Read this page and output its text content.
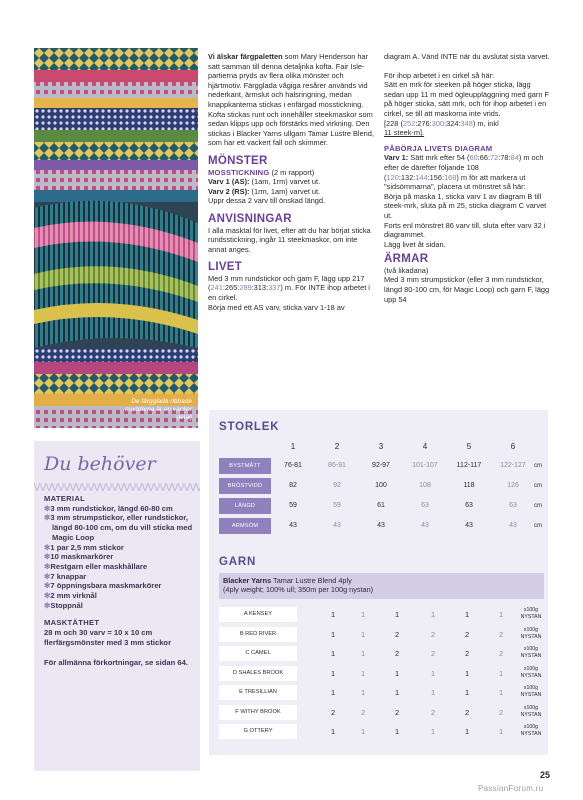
De färgglada ribbade muddarna är en vacker detalj

Vi älskar färgpaletten som Mary Henderson har satt samman till denna detaljrika kofta. Fair Isle-partierna pryds av flera olika mönster och hjärtmotiv. Färgglada vågiga resårer används vid nederkant, ärmslut och halsringning, medan knappkanterna stickas i enfärgad mosstickning. Kofta stickas runt och innehåller steekmaskor som sedan klipps upp och förstärks med virkning. Den stickas i Blacker Yarns ullgarn Tamar Lustre Blend, som har ett vackert fall och skimmer.

MÖNSTER
MOSSTICKNING (2 m rapport)
Varv 1 (AS): (1am, 1rm) varvet ut.
Varv 2 (RS): (1rm, 1am) varvet ut.

Uppr dessa 2 varv till önskad längd.

ANVISNINGAR

I alla masktal för livet, efter att du har börjat sticka rundsstickning, ingår 11 steekmaskor, om inte annat anges.

LIVET
Med 3 mm rundstickor och garn F, lägg upp 217 (241:265:289:313:337) m. För INTE ihop arbetet i en cirkel.
Börja med ett AS varv, sticka varv 1-18 av

diagram A. Vänd INTE när du avslutat sista varvet.

För ihop arbetet i en cirkel så här:
Sätt en mrk för steeken på höger sticka, lägg sedan upp 11 m med ögleuppläggning med garn F på höger sticka, sätt mrk, och för ihop arbetet i en cirkel, se till att maskorna inte vrids.
[228 (252:276:300:324:348) m, inkl
11 steek-m].
PÅBÖRJA LIVETS DIAGRAM
Varv 1: Sätt mrk efter 54 (60:66:72:78:84) m och efter de därefter följande 108 (120:132:144:156:168) m för att markera ut "sidsömmarna", placera ut mönstret så här:
Börja på maska 1, sticka varv 1 av diagram B till steek-mrk, sluta på m 25, sticka diagram C varvet ut.
Forts enl mönstret 86 varv till, sluta efter varv 32 i diagrammet.
Lägg livet åt sidan.
ÄRMAR
(två likadana)
Med 3 mm strumpstickor (eller 3 mm rundstickor, längd 80-100 cm, för Magic Loop) och garn F, lägg upp 54
Du behöver
MATERIAL
✻3 mm rundstickor, längd 60-80 cm
✻3 mm strumpstickor, eller rundstickor, längd 80-100 cm, om du vill sticka med Magic Loop
✻1 par 2,5 mm stickor
✻10 maskmarkörer
✻Restgarn eller maskhållare
✻7 knappar
✻7 öppningsbara maskmarkörer
✻2 mm virknål
✻Stoppnål
MASKTÄTHET
28 m och 30 varv = 10 x 10 cm flerfärgsmönster med 3 mm stickor
För allmänna förkortningar, se sidan 64.
STORLEK
1	2	3	4	5	6
BYSTMÅTT	76-81	86-91	92-97	101-107	112-117	122-127	cm
BRÖSTVIDD	82	92	100	108	118	126	cm
LÄNGD	59	59	61	63	63	63	cm
ARMSÖM	43	43	43	43	43	43	cm
GARN
Blacker Yarns Tamar Lustre Blend 4ply
(4ply weight; 100% ull; 350m per 100g nystan)
A KENSEY	1	1	1	1	1	1	x100g
NYSTAN
B RED RIVER	1	1	2	2	2	2	x100g
NYSTAN
C CAMEL	1	1	2	2	2	2	x100g
NYSTAN
D SHALES BROOK	1	1	1	1	1	1	x100g
NYSTAN
E TRESILLIAN	1	1	1	1	1	1	x100g
NYSTAN
F WITHY BROOK	2	2	2	2	2	2	x100g
NYSTAN
G OTTERY	1	1	1	1	1	1	x100g
NYSTAN
25
PassionForum.ru
